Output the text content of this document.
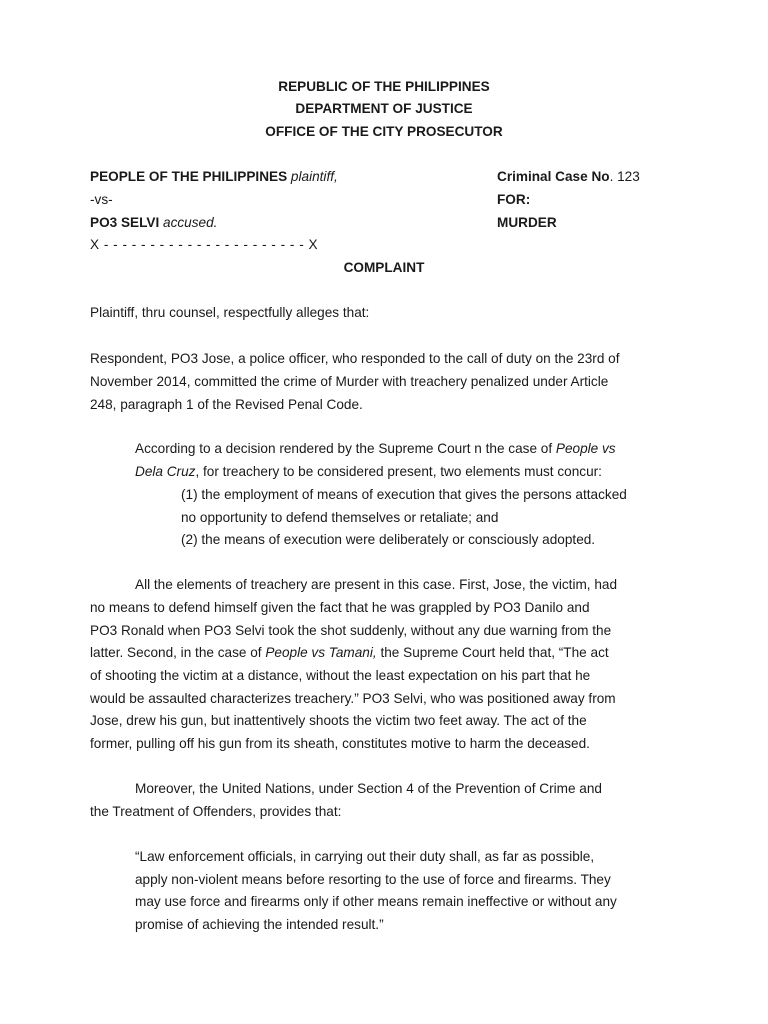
REPUBLIC OF THE PHILIPPINES
DEPARTMENT OF JUSTICE
OFFICE OF THE CITY PROSECUTOR
PEOPLE OF THE PHILIPPINES plaintiff,
-vs-
PO3 SELVI accused.
X - - - - - - - - - - - - - - - - - - - - - - X
Criminal Case No. 123
FOR:
MURDER
COMPLAINT
Plaintiff, thru counsel, respectfully alleges that:
Respondent, PO3 Jose, a police officer, who responded to the call of duty on the 23rd of
November 2014, committed the crime of Murder with treachery penalized under Article
248, paragraph 1 of the Revised Penal Code.
According to a decision rendered by the Supreme Court n the case of People vs
Dela Cruz, for treachery to be considered present, two elements must concur:
(1) the employment of means of execution that gives the persons attacked
no opportunity to defend themselves or retaliate; and
(2) the means of execution were deliberately or consciously adopted.
All the elements of treachery are present in this case. First, Jose, the victim, had
no means to defend himself given the fact that he was grappled by PO3 Danilo and
PO3 Ronald when PO3 Selvi took the shot suddenly, without any due warning from the
latter. Second, in the case of People vs Tamani, the Supreme Court held that, “The act
of shooting the victim at a distance, without the least expectation on his part that he
would be assaulted characterizes treachery.” PO3 Selvi, who was positioned away from
Jose, drew his gun, but inattentively shoots the victim two feet away. The act of the
former, pulling off his gun from its sheath, constitutes motive to harm the deceased.
Moreover, the United Nations, under Section 4 of the Prevention of Crime and
the Treatment of Offenders, provides that:
“Law enforcement officials, in carrying out their duty shall, as far as possible,
apply non-violent means before resorting to the use of force and firearms. They
may use force and firearms only if other means remain ineffective or without any
promise of achieving the intended result.”
